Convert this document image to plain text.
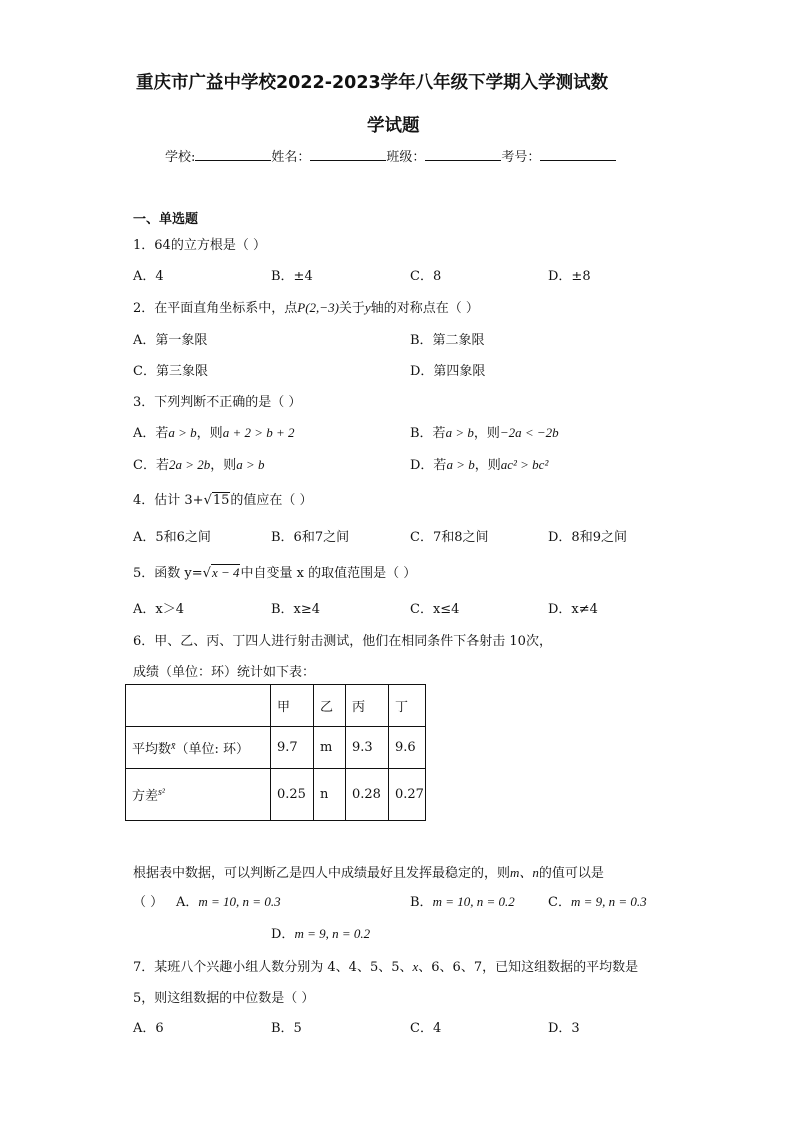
重庆市广益中学校2022-2023学年八年级下学期入学测试数
学试题
学校:	姓名：	班级：	考号：
一、单选题
1．64的立方根是（ ）
A．4	B．±4	C．8	D．±8
2．在平面直角坐标系中，点P(2,−3)关于y轴的对称点在（ ）
A．第一象限	B．第二象限
C．第三象限	D．第四象限
3．下列判断不正确的是（ ）
A．若a > b，则a + 2 > b + 2	B．若a > b，则−2a < −2b
C．若2a > 2b，则a > b	D．若a > b，则ac² > bc²
4．估计 3+√15的值应在（ ）
A．5和6之间	B．6和7之间	C．7和8之间	D．8和9之间
5．函数 y=√x − 4中自变量 x 的取值范围是（ ）
A．x＞4	B．x≥4	C．x≤4	D．x≠4
6．甲、乙、丙、丁四人进行射击测试，他们在相同条件下各射击 10次，
成绩（单位：环）统计如下表：
	甲	乙	丙	丁
平均数$^{x̄}$（单位: 环）	9.7	m	9.3	9.6
方差$^{s^2}$	0.25	n	0.28	0.27
根据表中数据，可以判断乙是四人中成绩最好且发挥最稳定的，则m、n的值可以是
（ ） A．m = 10, n = 0.3	B．m = 10, n = 0.2	C．m = 9, n = 0.3
D．m = 9, n = 0.2
7．某班八个兴趣小组人数分别为 4、4、5、5、x、6、6、7，已知这组数据的平均数是
5，则这组数据的中位数是（ ）
A．6	B．5	C．4	D．3
